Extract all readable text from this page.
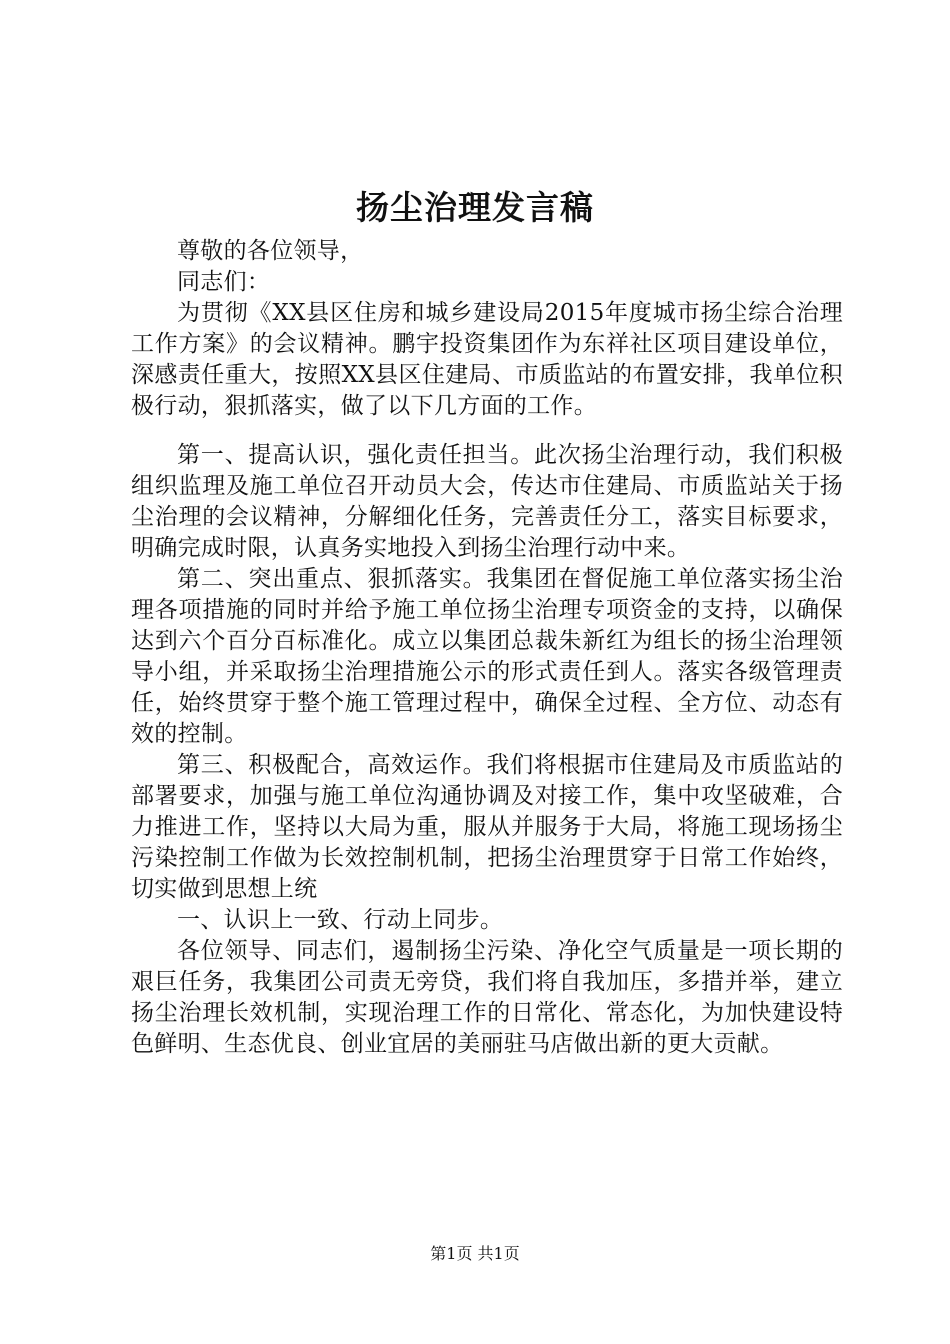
扬尘治理发言稿

尊敬的各位领导，

同志们：

为贯彻《XX县区住房和城乡建设局2015年度城市扬尘综合治理工作方案》的会议精神。鹏宇投资集团作为东祥社区项目建设单位，深感责任重大，按照XX县区住建局、市质监站的布置安排，我单位积极行动，狠抓落实，做了以下几方面的工作。

第一、提高认识，强化责任担当。此次扬尘治理行动，我们积极组织监理及施工单位召开动员大会，传达市住建局、市质监站关于扬尘治理的会议精神，分解细化任务，完善责任分工，落实目标要求，明确完成时限，认真务实地投入到扬尘治理行动中来。

第二、突出重点、狠抓落实。我集团在督促施工单位落实扬尘治理各项措施的同时并给予施工单位扬尘治理专项资金的支持，以确保达到六个百分百标准化。成立以集团总裁朱新红为组长的扬尘治理领导小组，并采取扬尘治理措施公示的形式责任到人。落实各级管理责任，始终贯穿于整个施工管理过程中，确保全过程、全方位、动态有效的控制。

第三、积极配合，高效运作。我们将根据市住建局及市质监站的部署要求，加强与施工单位沟通协调及对接工作，集中攻坚破难，合力推进工作，坚持以大局为重，服从并服务于大局，将施工现场扬尘污染控制工作做为长效控制机制，把扬尘治理贯穿于日常工作始终，切实做到思想上统

一、认识上一致、行动上同步。

各位领导、同志们，遏制扬尘污染、净化空气质量是一项长期的艰巨任务，我集团公司责无旁贷，我们将自我加压，多措并举，建立扬尘治理长效机制，实现治理工作的日常化、常态化，为加快建设特色鲜明、生态优良、创业宜居的美丽驻马店做出新的更大贡献。

第1页 共1页
